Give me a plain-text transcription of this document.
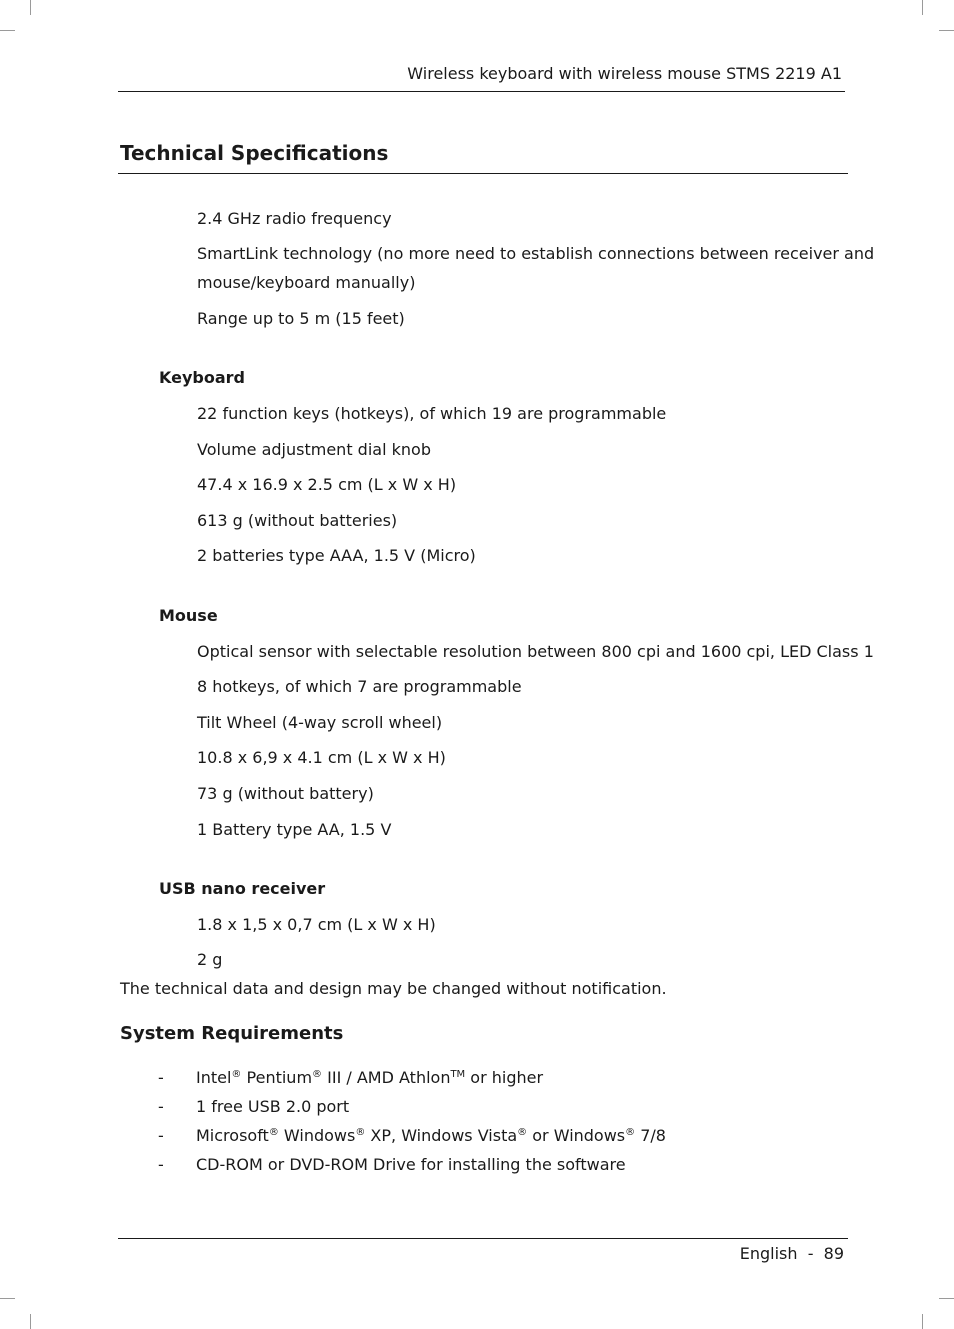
Wireless keyboard with wireless mouse STMS 2219 A1
Technical Specifications
2.4 GHz radio frequency
SmartLink technology (no more need to establish connections between receiver and
mouse/keyboard manually)
Range up to 5 m (15 feet)
Keyboard
22 function keys (hotkeys), of which 19 are programmable
Volume adjustment dial knob
47.4 x 16.9 x 2.5 cm (L x W x H)
613 g (without batteries)
2 batteries type AAA, 1.5 V (Micro)
Mouse
Optical sensor with selectable resolution between 800 cpi and 1600 cpi, LED Class 1
8 hotkeys, of which 7 are programmable
Tilt Wheel (4-way scroll wheel)
10.8 x 6,9 x 4.1 cm (L x W x H)
73 g (without battery)
1 Battery type AA, 1.5 V
USB nano receiver
1.8 x 1,5 x 0,7 cm (L x W x H)
2 g
The technical data and design may be changed without notification.
System Requirements
- Intel® Pentium® III / AMD Athlon™ or higher
- 1 free USB 2.0 port
- Microsoft® Windows® XP, Windows Vista® or Windows® 7/8
- CD-ROM or DVD-ROM Drive for installing the software
English  -  89
